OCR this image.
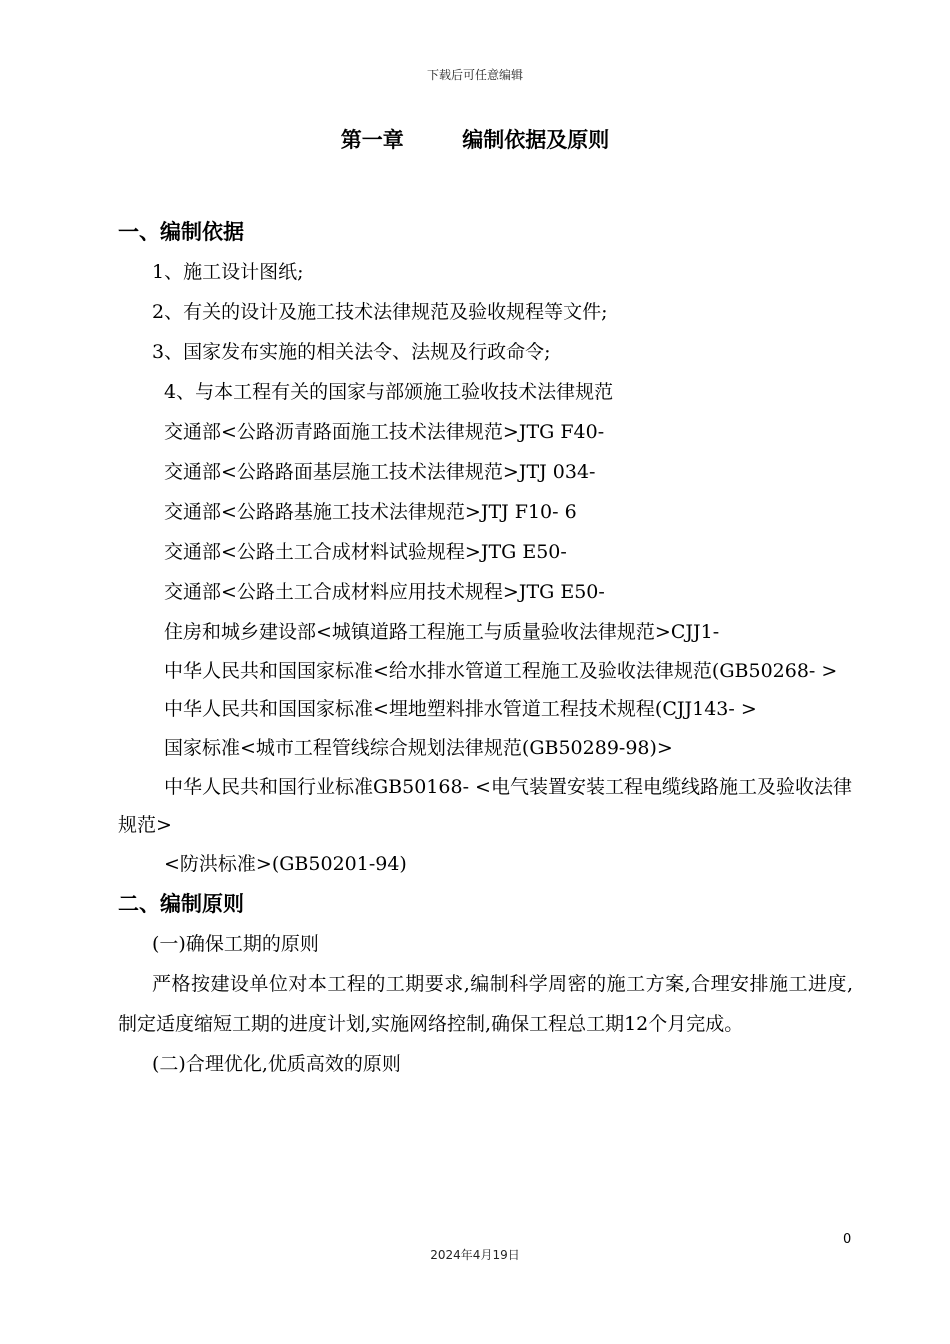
下载后可任意编辑
第一章        编制依据及原则
一、编制依据
1、施工设计图纸;
2、有关的设计及施工技术法律规范及验收规程等文件;
3、国家发布实施的相关法令、法规及行政命令;
4、与本工程有关的国家与部颁施工验收技术法律规范
交通部<公路沥青路面施工技术法律规范>JTG F40-
交通部<公路路面基层施工技术法律规范>JTJ 034-
交通部<公路路基施工技术法律规范>JTJ F10- 6
交通部<公路土工合成材料试验规程>JTG E50-
交通部<公路土工合成材料应用技术规程>JTG E50-
住房和城乡建设部<城镇道路工程施工与质量验收法律规范>CJJ1-
中华人民共和国国家标准<给水排水管道工程施工及验收法律规范(GB50268- >
中华人民共和国国家标准<埋地塑料排水管道工程技术规程(CJJ143- >
国家标准<城市工程管线综合规划法律规范(GB50289-98)>
中华人民共和国行业标准GB50168- <电气装置安装工程电缆线路施工及验收法律规范>
<防洪标准>(GB50201-94)
二、编制原则
(一)确保工期的原则
严格按建设单位对本工程的工期要求,编制科学周密的施工方案,合理安排施工进度,制定适度缩短工期的进度计划,实施网络控制,确保工程总工期12个月完成。
(二)合理优化,优质高效的原则
0
2024年4月19日
